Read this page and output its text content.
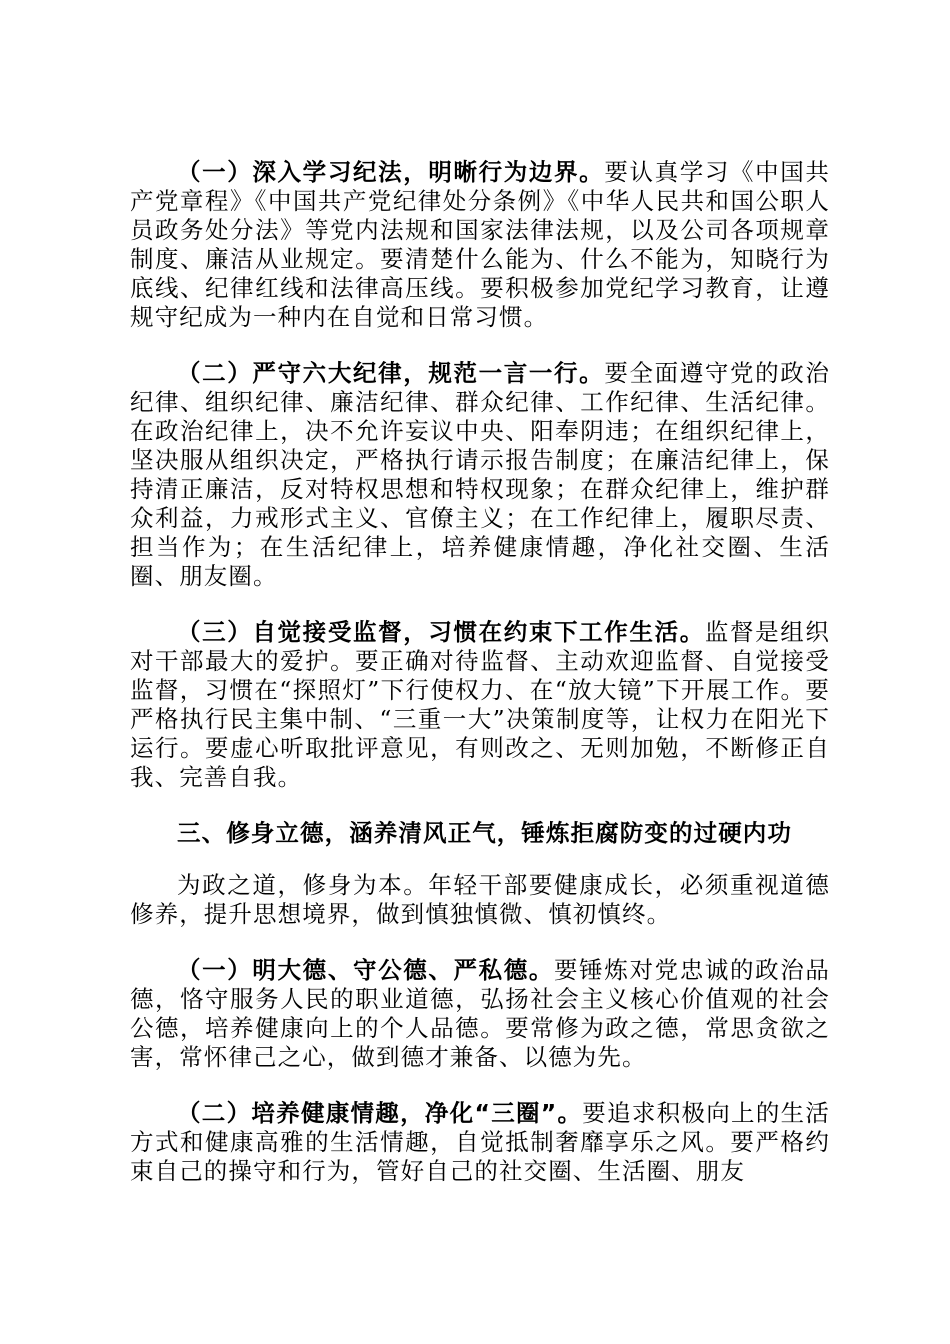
（一）深入学习纪法，明晰行为边界。要认真学习《中国共产党章程》《中国共产党纪律处分条例》《中华人民共和国公职人员政务处分法》等党内法规和国家法律法规，以及公司各项规章制度、廉洁从业规定。要清楚什么能为、什么不能为，知晓行为底线、纪律红线和法律高压线。要积极参加党纪学习教育，让遵规守纪成为一种内在自觉和日常习惯。

（二）严守六大纪律，规范一言一行。要全面遵守党的政治纪律、组织纪律、廉洁纪律、群众纪律、工作纪律、生活纪律。在政治纪律上，决不允许妄议中央、阳奉阴违；在组织纪律上，坚决服从组织决定，严格执行请示报告制度；在廉洁纪律上，保持清正廉洁，反对特权思想和特权现象；在群众纪律上，维护群众利益，力戒形式主义、官僚主义；在工作纪律上，履职尽责、担当作为；在生活纪律上，培养健康情趣，净化社交圈、生活圈、朋友圈。

（三）自觉接受监督，习惯在约束下工作生活。监督是组织对干部最大的爱护。要正确对待监督、主动欢迎监督、自觉接受监督，习惯在“探照灯”下行使权力、在“放大镜”下开展工作。要严格执行民主集中制、“三重一大”决策制度等，让权力在阳光下运行。要虚心听取批评意见，有则改之、无则加勉，不断修正自我、完善自我。

三、修身立德，涵养清风正气，锤炼拒腐防变的过硬内功

为政之道，修身为本。年轻干部要健康成长，必须重视道德修养，提升思想境界，做到慎独慎微、慎初慎终。

（一）明大德、守公德、严私德。要锤炼对党忠诚的政治品德，恪守服务人民的职业道德，弘扬社会主义核心价值观的社会公德，培养健康向上的个人品德。要常修为政之德，常思贪欲之害，常怀律己之心，做到德才兼备、以德为先。

（二）培养健康情趣，净化“三圈”。要追求积极向上的生活方式和健康高雅的生活情趣，自觉抵制奢靡享乐之风。要严格约束自己的操守和行为，管好自己的社交圈、生活圈、朋友
